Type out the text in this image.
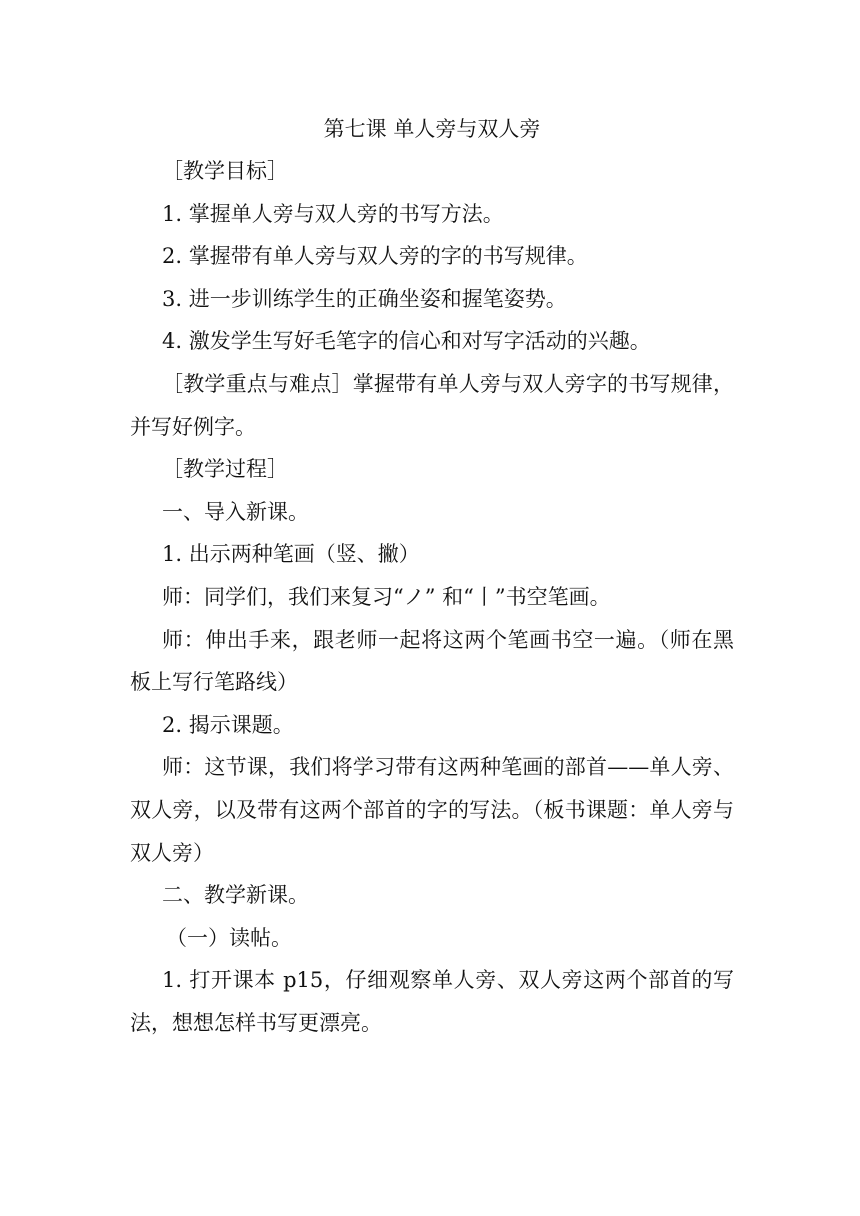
第七课 单人旁与双人旁

［教学目标］

1. 掌握单人旁与双人旁的书写方法。

2. 掌握带有单人旁与双人旁的字的书写规律。

3. 进一步训练学生的正确坐姿和握笔姿势。

4. 激发学生写好毛笔字的信心和对写字活动的兴趣。

［教学重点与难点］掌握带有单人旁与双人旁字的书写规律，并写好例字。

［教学过程］

一、导入新课。

1. 出示两种笔画（竖、撇）

师：同学们，我们来复习“ノ” 和“丨”书空笔画。

师：伸出手来，跟老师一起将这两个笔画书空一遍。（师在黑板上写行笔路线）

2. 揭示课题。

师：这节课，我们将学习带有这两种笔画的部首——单人旁、双人旁，以及带有这两个部首的字的写法。（板书课题：单人旁与双人旁）

二、教学新课。

（一）读帖。

1. 打开课本 p15，仔细观察单人旁、双人旁这两个部首的写法，想想怎样书写更漂亮。
